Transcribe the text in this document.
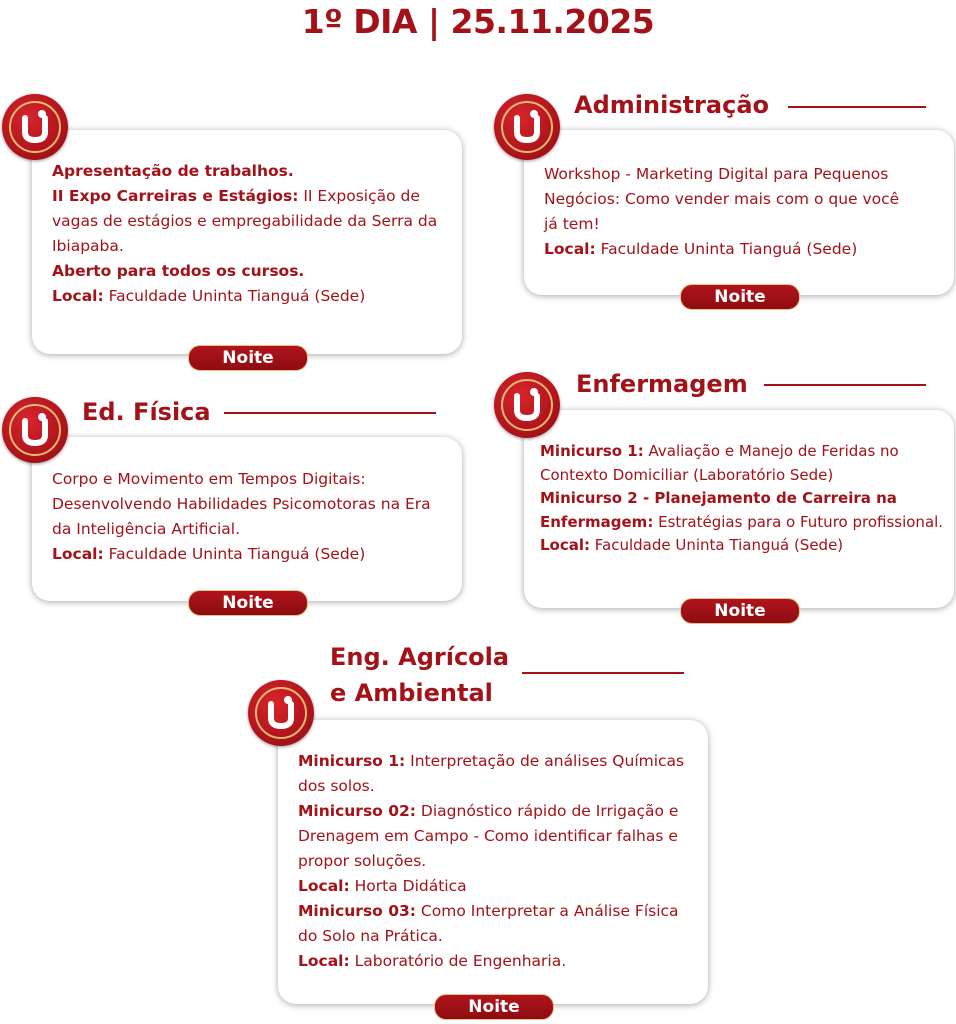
1º DIA | 25.11.2025

Apresentação de trabalhos.

II Expo Carreiras e Estágios: II Exposição de vagas de estágios e empregabilidade da Serra da Ibiapaba.

Aberto para todos os cursos.

Local: Faculdade Uninta Tianguá (Sede)

Noite
Administração

Workshop - Marketing Digital para Pequenos Negócios: Como vender mais com o que você já tem!

Local: Faculdade Uninta Tianguá (Sede)

Noite
Ed. Física

Corpo e Movimento em Tempos Digitais: Desenvolvendo Habilidades Psicomotoras na Era da Inteligência Artificial.

Local: Faculdade Uninta Tianguá (Sede)

Noite
Enfermagem

Minicurso 1: Avaliação e Manejo de Feridas no Contexto Domiciliar (Laboratório Sede)

Minicurso 2 - Planejamento de Carreira na Enfermagem: Estratégias para o Futuro profissional.

Local: Faculdade Uninta Tianguá (Sede)

Noite
Eng. Agrícola
e Ambiental

Minicurso 1: Interpretação de análises Químicas dos solos.

Minicurso 02: Diagnóstico rápido de Irrigação e Drenagem em Campo - Como identificar falhas e propor soluções.

Local: Horta Didática

Minicurso 03: Como Interpretar a Análise Física do Solo na Prática.

Local: Laboratório de Engenharia.

Noite
